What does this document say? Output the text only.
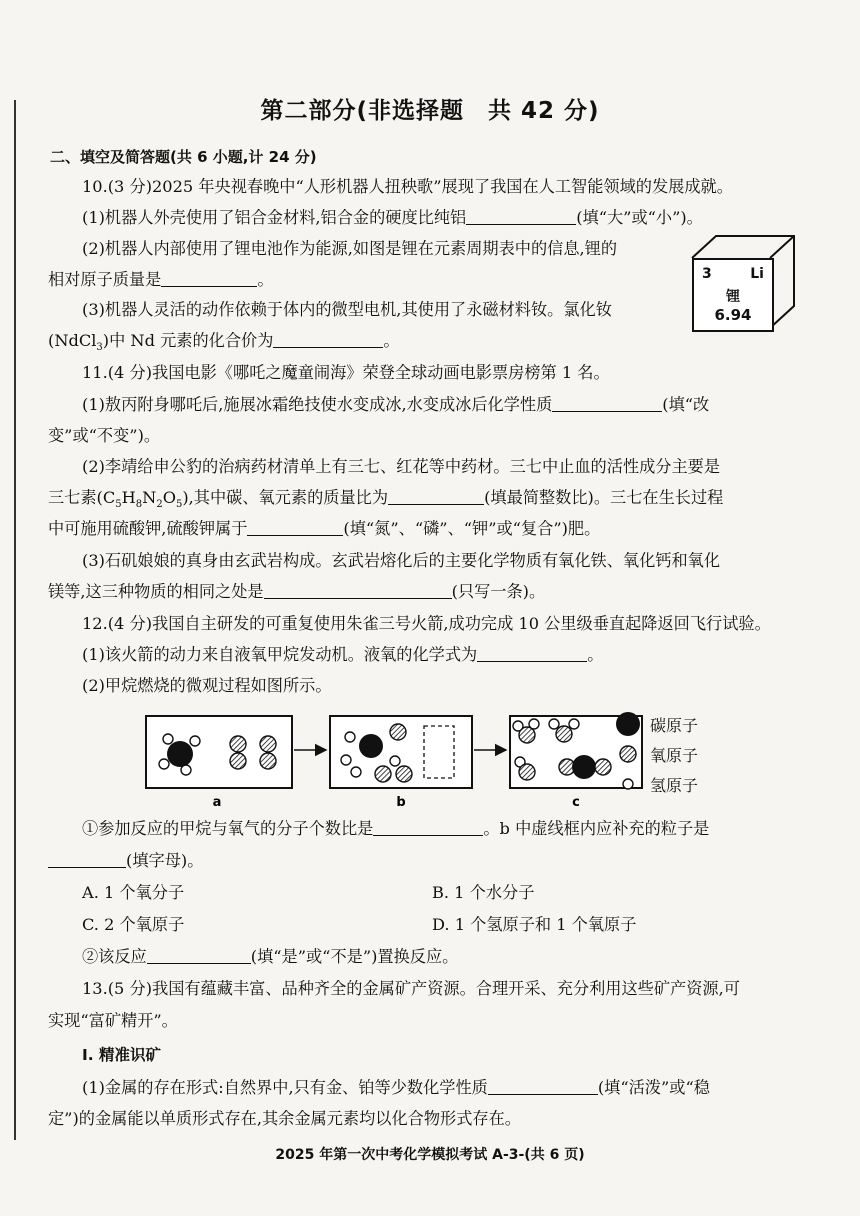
第二部分(非选择题　共 42 分)
二、填空及简答题(共 6 小题,计 24 分)
10.(3 分)2025 年央视春晚中“人形机器人扭秧歌”展现了我国在人工智能领域的发展成就。
(1)机器人外壳使用了铝合金材料,铝合金的硬度比纯铝	(填“大”或“小”)。
(2)机器人内部使用了锂电池作为能源,如图是锂在元素周期表中的信息,锂的
相对原子质量是	。
(3)机器人灵活的动作依赖于体内的微型电机,其使用了永磁材料钕。氯化钕
(NdCl$_3$)中 Nd 元素的化合价为	。
3	Li
锂
6.94
11.(4 分)我国电影《哪吒之魔童闹海》荣登全球动画电影票房榜第 1 名。
(1)敖丙附身哪吒后,施展冰霜绝技使水变成冰,水变成冰后化学性质	(填“改
变”或“不变”)。
(2)李靖给申公豹的治病药材清单上有三七、红花等中药材。三七中止血的活性成分主要是
三七素$(C_5H_8N_2O_5)$,其中碳、氧元素的质量比为	(填最简整数比)。三七在生长过程
中可施用硫酸钾,硫酸钾属于	(填“氮”、“磷”、“钾”或“复合”)肥。
(3)石矶娘娘的真身由玄武岩构成。玄武岩熔化后的主要化学物质有氧化铁、氧化钙和氧化
镁等,这三种物质的相同之处是	(只写一条)。
12.(4 分)我国自主研发的可重复使用朱雀三号火箭,成功完成 10 公里级垂直起降返回飞行试验。
(1)该火箭的动力来自液氧甲烷发动机。液氧的化学式为	。
(2)甲烷燃烧的微观过程如图所示。
a	b	c
碳原子
氧原子
氢原子
①参加反应的甲烷与氧气的分子个数比是	。b 中虚线框内应补充的粒子是
(填字母)。
A. 1 个氧分子	B. 1 个水分子
C. 2 个氧原子	D. 1 个氢原子和 1 个氧原子
②该反应	(填“是”或“不是”)置换反应。
13.(5 分)我国有蕴藏丰富、品种齐全的金属矿产资源。合理开采、充分利用这些矿产资源,可
实现“富矿精开”。
Ⅰ. 精准识矿
(1)金属的存在形式:自然界中,只有金、铂等少数化学性质	(填“活泼”或“稳
定”)的金属能以单质形式存在,其余金属元素均以化合物形式存在。
2025 年第一次中考化学模拟考试 A-3-(共 6 页)
